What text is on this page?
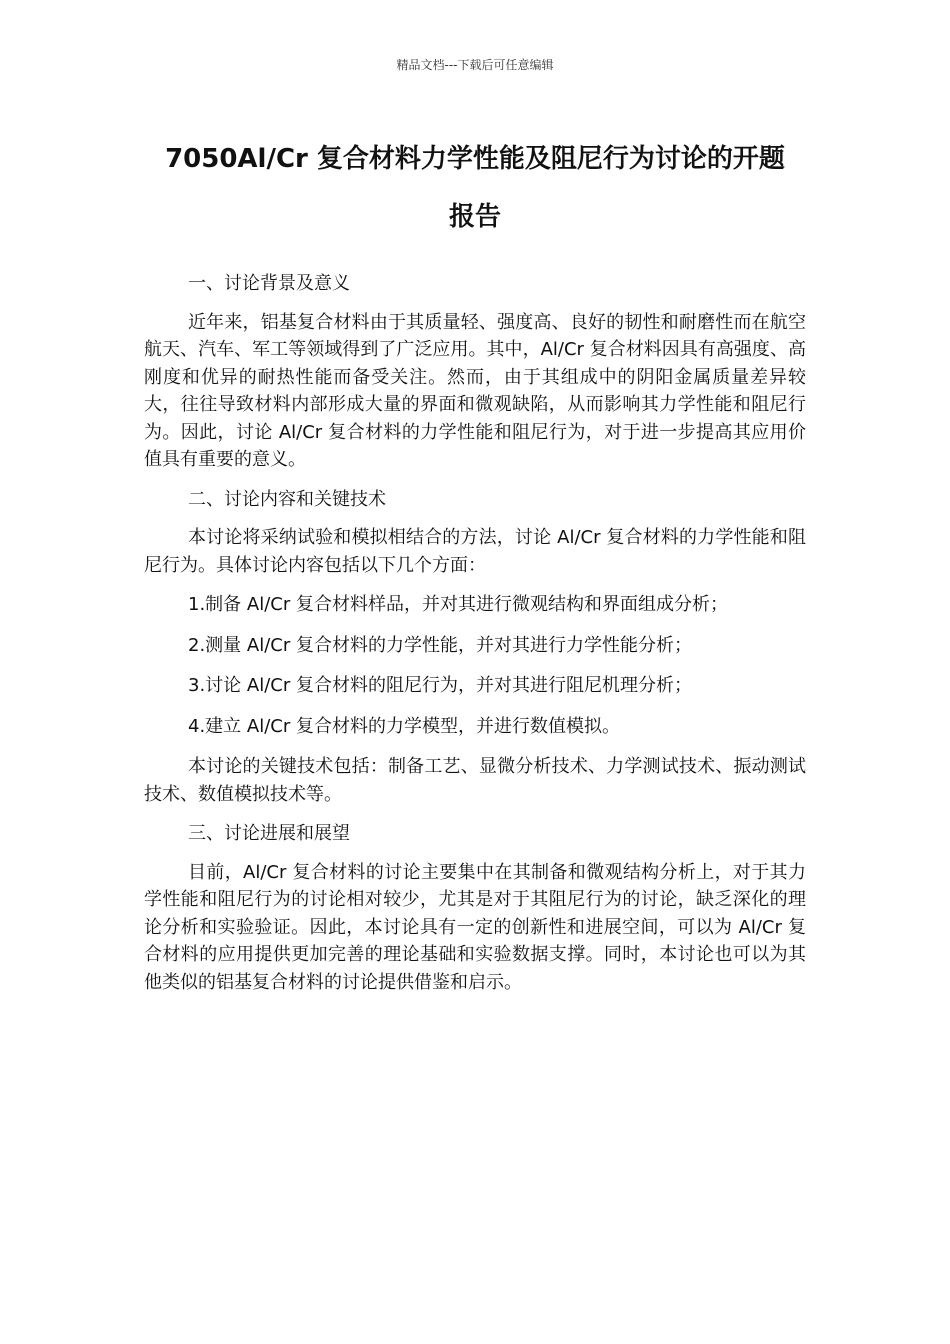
精品文档---下载后可任意编辑
7050Al/Cr 复合材料力学性能及阻尼行为讨论的开题
报告
一、讨论背景及意义
近年来，铝基复合材料由于其质量轻、强度高、良好的韧性和耐磨性而在航空航天、汽车、军工等领域得到了广泛应用。其中，Al/Cr 复合材料因具有高强度、高刚度和优异的耐热性能而备受关注。然而，由于其组成中的阴阳金属质量差异较大，往往导致材料内部形成大量的界面和微观缺陷，从而影响其力学性能和阻尼行为。因此，讨论 Al/Cr 复合材料的力学性能和阻尼行为，对于进一步提高其应用价值具有重要的意义。
二、讨论内容和关键技术
本讨论将采纳试验和模拟相结合的方法，讨论 Al/Cr 复合材料的力学性能和阻尼行为。具体讨论内容包括以下几个方面：
1.制备 Al/Cr 复合材料样品，并对其进行微观结构和界面组成分析；
2.测量 Al/Cr 复合材料的力学性能，并对其进行力学性能分析；
3.讨论 Al/Cr 复合材料的阻尼行为，并对其进行阻尼机理分析；
4.建立 Al/Cr 复合材料的力学模型，并进行数值模拟。
本讨论的关键技术包括：制备工艺、显微分析技术、力学测试技术、振动测试技术、数值模拟技术等。
三、讨论进展和展望
目前，Al/Cr 复合材料的讨论主要集中在其制备和微观结构分析上，对于其力学性能和阻尼行为的讨论相对较少，尤其是对于其阻尼行为的讨论，缺乏深化的理论分析和实验验证。因此，本讨论具有一定的创新性和进展空间，可以为 Al/Cr 复合材料的应用提供更加完善的理论基础和实验数据支撑。同时，本讨论也可以为其他类似的铝基复合材料的讨论提供借鉴和启示。
